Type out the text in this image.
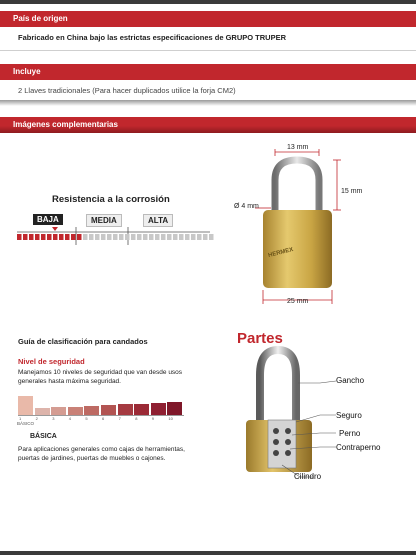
País de origen
Fabricado en China bajo las estrictas especificaciones de GRUPO TRUPER
Incluye
2 Llaves tradicionales (Para hacer duplicados utilice la forja CM2)
Imágenes complementarias
Resistencia a la corrosión
BAJA	MEDIA	ALTA
HERMEX
13 mm
15 mm
Ø 4 mm
25 mm
Guía de clasificación para candados
Nivel de seguridad
Manejamos 10 niveles de seguridad que van desde usos generales hasta máxima seguridad.
1	2	3	4	5	6	7	8	9	10
BÁSICO
BÁSICA
Para aplicaciones generales como cajas de herramientas, puertas de jardines, puertas de muebles o cajones.
Partes
Gancho
Seguro
Perno
Contraperno
Cilindro
